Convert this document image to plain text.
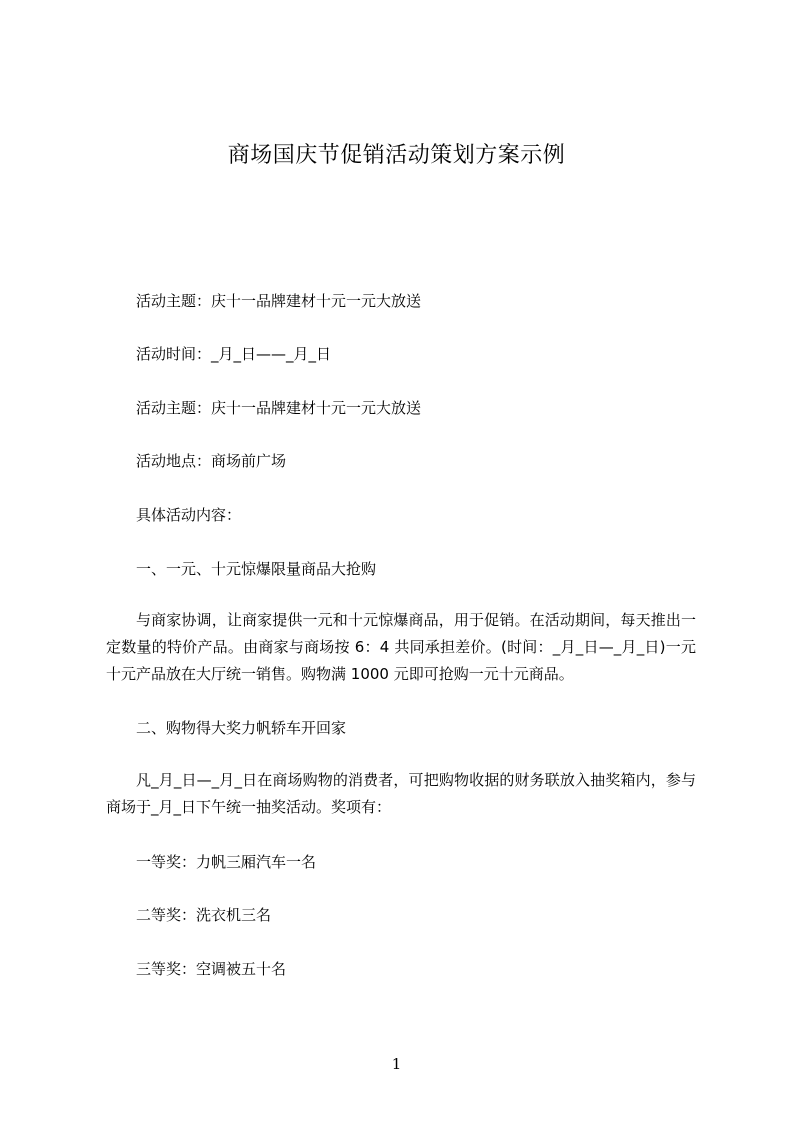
商场国庆节促销活动策划方案示例
活动主题：庆十一品牌建材十元一元大放送
活动时间：_月_日——_月_日
活动主题：庆十一品牌建材十元一元大放送
活动地点：商场前广场
具体活动内容：
一、一元、十元惊爆限量商品大抢购
与商家协调，让商家提供一元和十元惊爆商品，用于促销。在活动期间，每天推出一定数量的特价产品。由商家与商场按 6：4 共同承担差价。(时间：_月_日—_月_日)一元十元产品放在大厅统一销售。购物满 1000 元即可抢购一元十元商品。
二、购物得大奖力帆轿车开回家
凡_月_日—_月_日在商场购物的消费者，可把购物收据的财务联放入抽奖箱内，参与商场于_月_日下午统一抽奖活动。奖项有：
一等奖：力帆三厢汽车一名
二等奖：洗衣机三名
三等奖：空调被五十名
1
